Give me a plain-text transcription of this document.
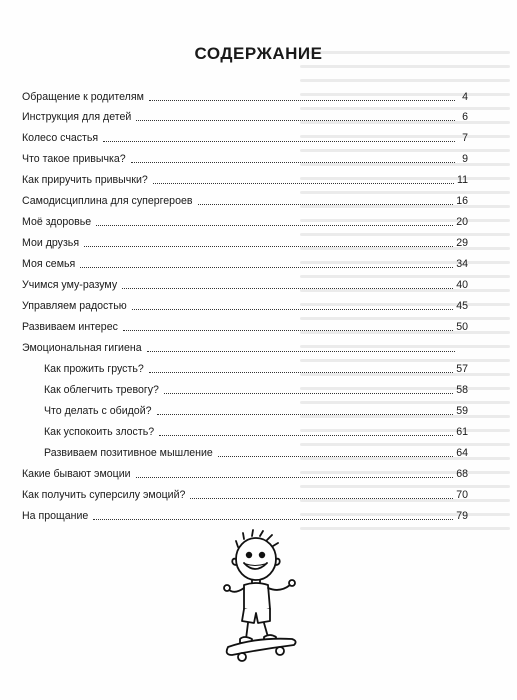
СОДЕРЖАНИЕ
Обращение к родителям	4
Инструкция для детей	6
Колесо счастья	7
Что такое привычка?	9
Как приручить привычки?	11
Самодисциплина для супергероев	16
Моё здоровье	20
Мои друзья	29
Моя семья	34
Учимся уму-разуму	40
Управляем радостью	45
Развиваем интерес	50
Эмоциональная гигиена
Как прожить грусть?	57
Как облегчить тревогу?	58
Что делать с обидой?	59
Как успокоить злость?	61
Развиваем позитивное мышление	64
Какие бывают эмоции	68
Как получить суперсилу эмоций?	70
На прощание	79
